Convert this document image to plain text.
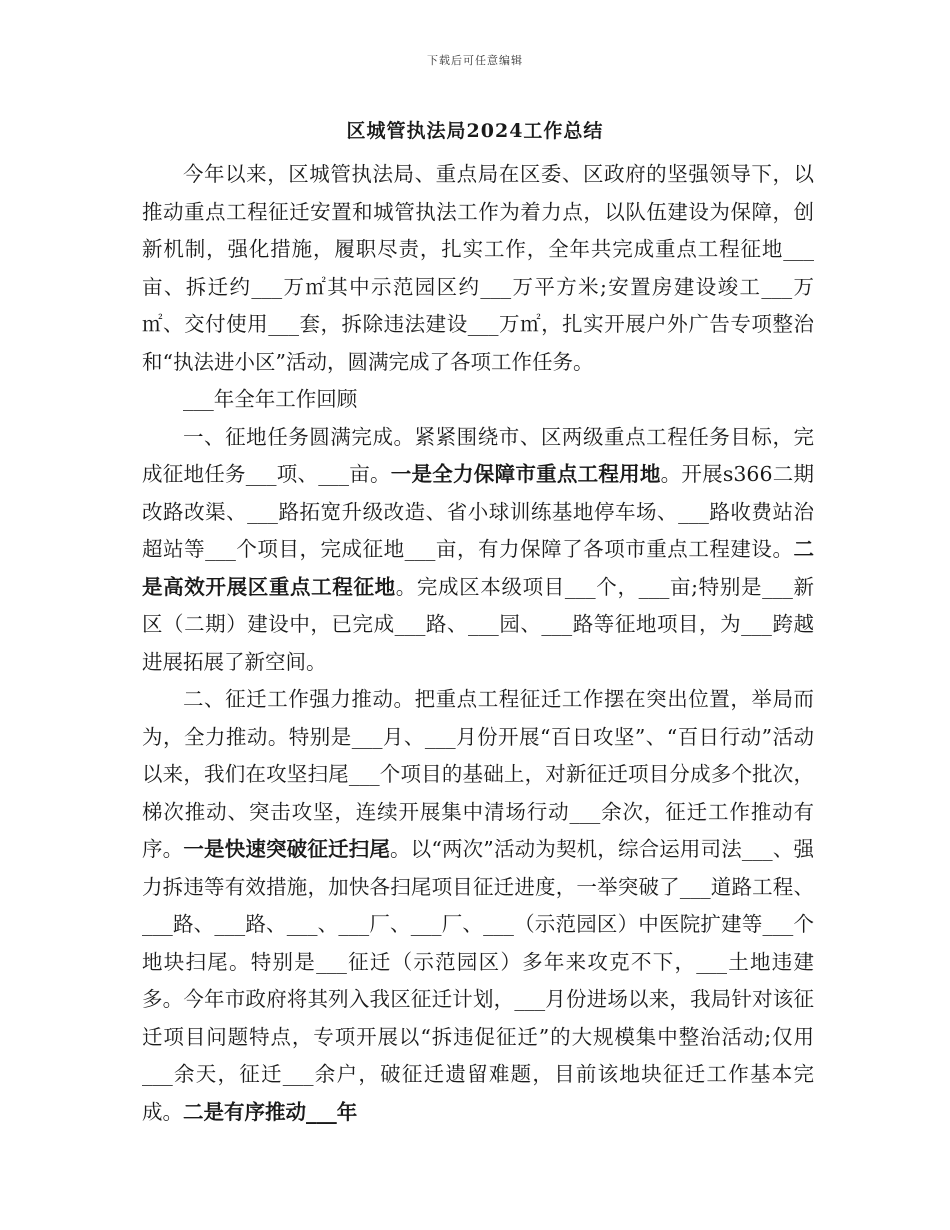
下载后可任意编辑
区城管执法局2024工作总结

今年以来，区城管执法局、重点局在区委、区政府的坚强领导下，以推动重点工程征迁安置和城管执法工作为着力点，以队伍建设为保障，创新机制，强化措施，履职尽责，扎实工作，全年共完成重点工程征地___亩、拆迁约___万㎡其中示范园区约___万平方米;安置房建设竣工___万㎡、交付使用___套，拆除违法建设___万㎡，扎实开展户外广告专项整治和“执法进小区”活动，圆满完成了各项工作任务。

___年全年工作回顾

一、征地任务圆满完成。紧紧围绕市、区两级重点工程任务目标，完成征地任务___项、___亩。一是全力保障市重点工程用地。开展s366二期改路改渠、___路拓宽升级改造、省小球训练基地停车场、___路收费站治超站等___个项目，完成征地___亩，有力保障了各项市重点工程建设。二是高效开展区重点工程征地。完成区本级项目___个，___亩;特别是___新区（二期）建设中，已完成___路、___园、___路等征地项目，为___跨越进展拓展了新空间。

二、征迁工作强力推动。把重点工程征迁工作摆在突出位置，举局而为，全力推动。特别是___月、___月份开展“百日攻坚”、“百日行动”活动以来，我们在攻坚扫尾___个项目的基础上，对新征迁项目分成多个批次，梯次推动、突击攻坚，连续开展集中清场行动___余次，征迁工作推动有序。一是快速突破征迁扫尾。以“两次”活动为契机，综合运用司法___、强力拆违等有效措施，加快各扫尾项目征迁进度，一举突破了___道路工程、___路、___路、___、___厂、___厂、___（示范园区）中医院扩建等___个地块扫尾。特别是___征迁（示范园区）多年来攻克不下，___土地违建多。今年市政府将其列入我区征迁计划，___月份进场以来，我局针对该征迁项目问题特点，专项开展以“拆违促征迁”的大规模集中整治活动;仅用___余天，征迁___余户，破征迁遗留难题，目前该地块征迁工作基本完成。二是有序推动___年
